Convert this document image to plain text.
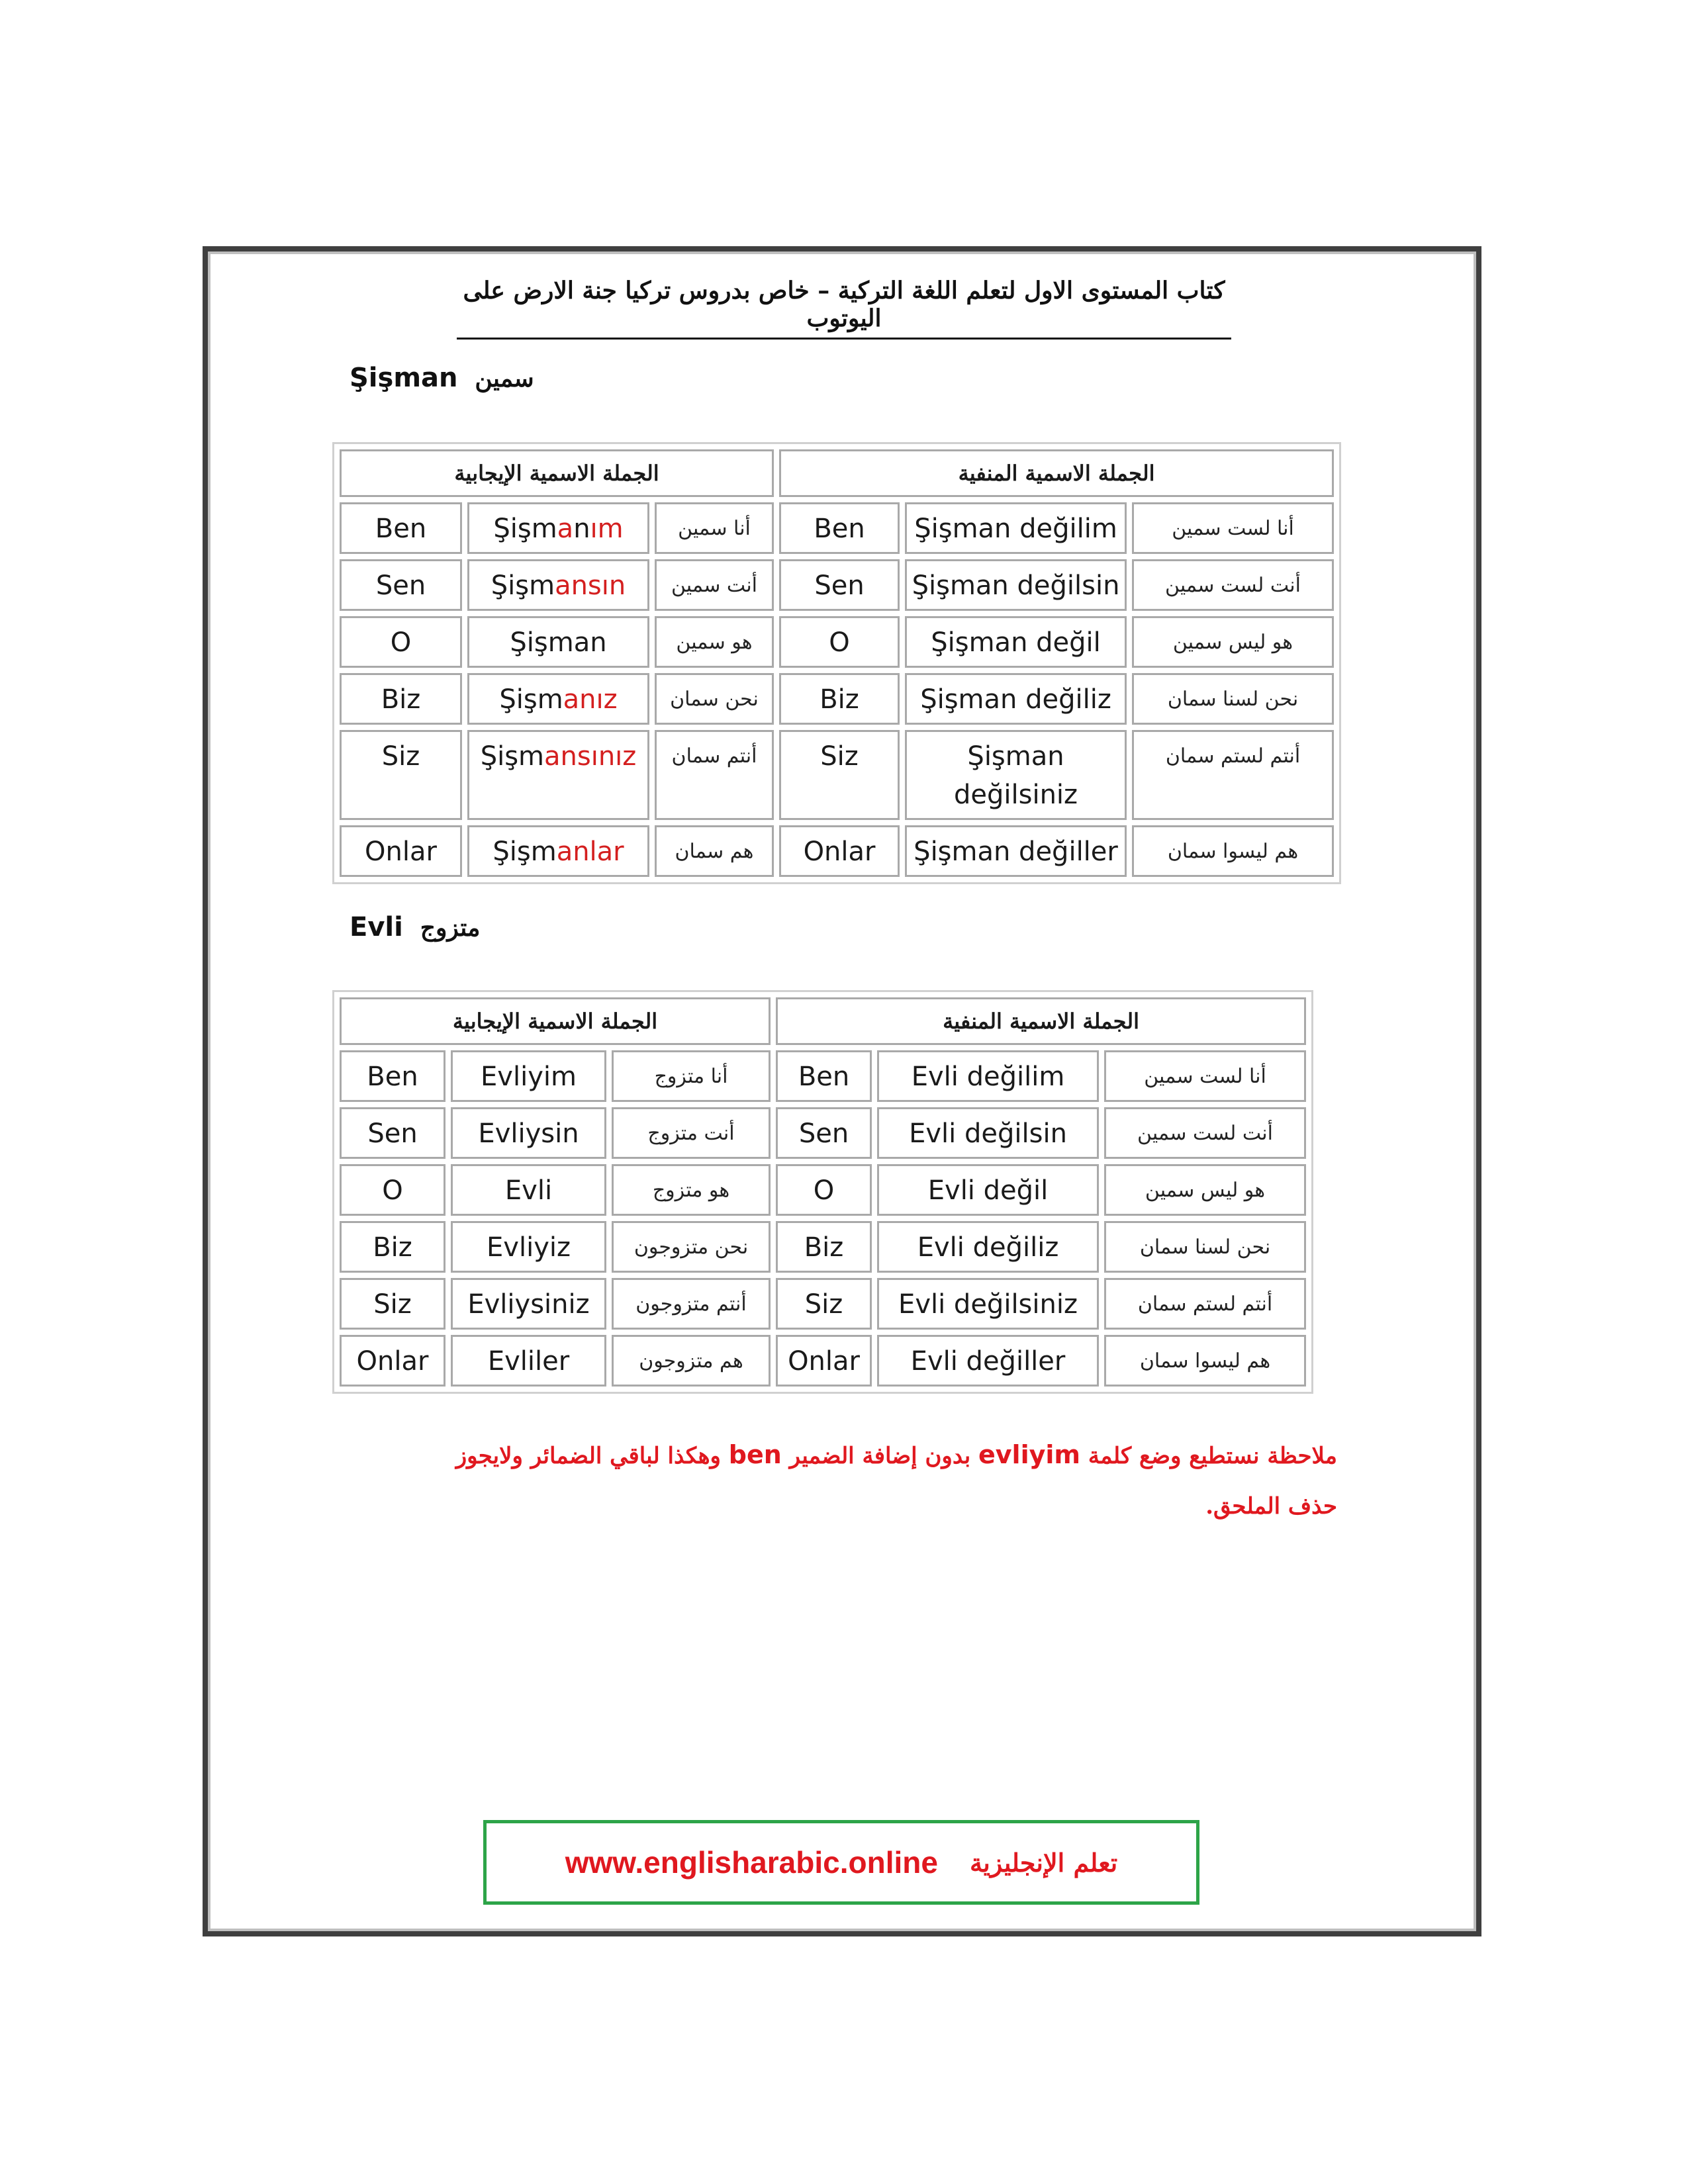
كتاب المستوى الاول لتعلم اللغة التركية – خاص بدروس تركيا جنة الارض على اليوتوب
Şişman سمين
الجملة الاسمية الإيجابية			الجملة الاسمية المنفية		
Ben	Şişmanım	أنا سمين	Ben	Şişman değilim	أنا لست سمين
Sen	Şişmansın	أنت سمين	Sen	Şişman değilsin	أنت لست سمين
O	Şişman	هو سمين	O	Şişman değil	هو ليس سمين
Biz	Şişmanız	نحن سمان	Biz	Şişman değiliz	نحن لسنا سمان
Siz	Şişmansınız	أنتم سمان	Siz	Şişman değilsiniz	أنتم لستم سمان
Onlar	Şişmanlar	هم سمان	Onlar	Şişman değiller	هم ليسوا سمان
Evli متزوج
الجملة الاسمية الإيجابية			الجملة الاسمية المنفية		
Ben	Evliyim	أنا متزوج	Ben	Evli değilim	أنا لست سمين
Sen	Evliysin	أنت متزوج	Sen	Evli değilsin	أنت لست سمين
O	Evli	هو متزوج	O	Evli değil	هو ليس سمين
Biz	Evliyiz	نحن متزوجون	Biz	Evli değiliz	نحن لسنا سمان
Siz	Evliysiniz	أنتم متزوجون	Siz	Evli değilsiniz	أنتم لستم سمان
Onlar	Evliler	هم متزوجون	Onlar	Evli değiller	هم ليسوا سمان
ملاحظة نستطيع وضع كلمة evliyim بدون إضافة الضمير ben وهكذا لباقي الضمائر ولايجوز حذف الملحق.
www.englisharabic.online تعلم الإنجليزية
